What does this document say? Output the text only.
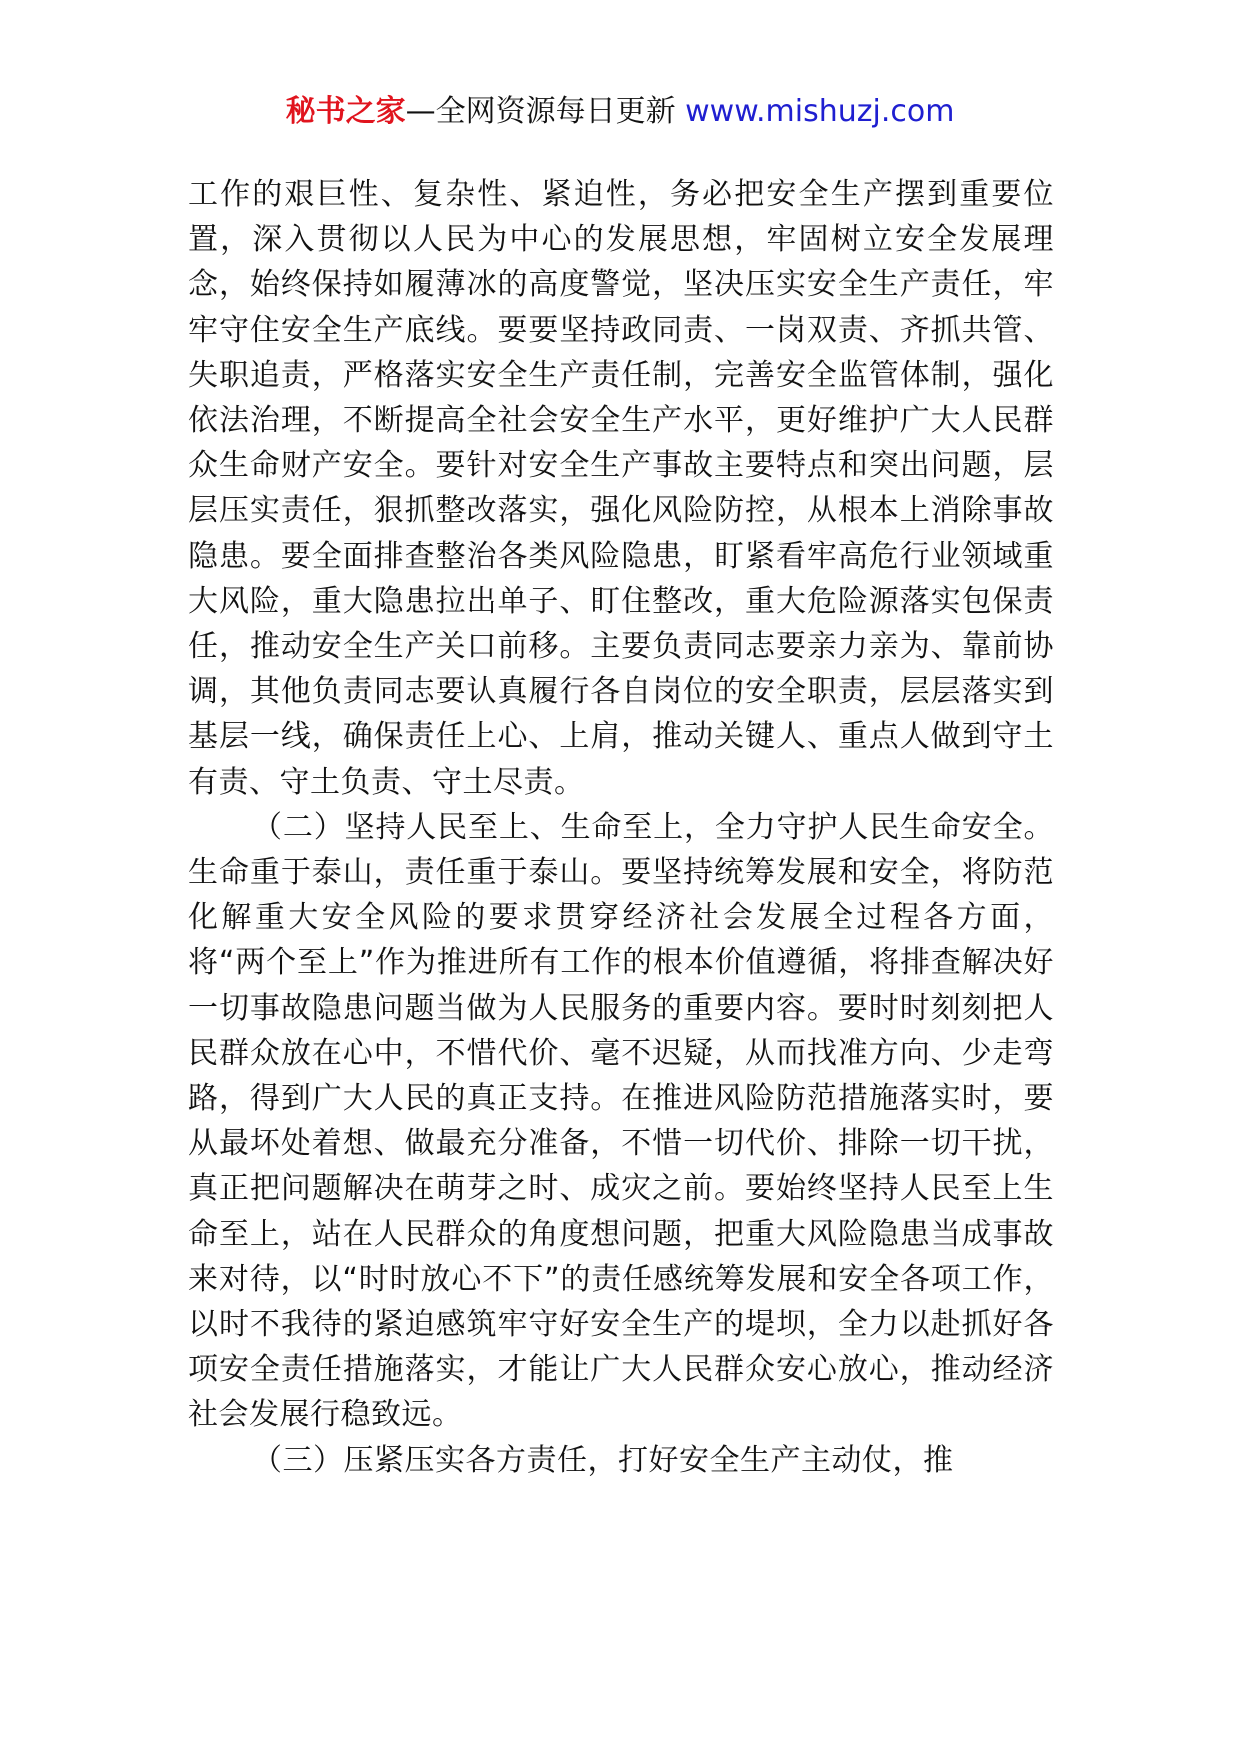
秘书之家—全网资源每日更新 www.mishuzj.com

工作的艰巨性、复杂性、紧迫性，务必把安全生产摆到重要位置，深入贯彻以人民为中心的发展思想，牢固树立安全发展理念，始终保持如履薄冰的高度警觉，坚决压实安全生产责任，牢牢守住安全生产底线。要要坚持政同责、一岗双责、齐抓共管、失职追责，严格落实安全生产责任制，完善安全监管体制，强化依法治理，不断提高全社会安全生产水平，更好维护广大人民群众生命财产安全。要针对安全生产事故主要特点和突出问题，层层压实责任，狠抓整改落实，强化风险防控，从根本上消除事故隐患。要全面排查整治各类风险隐患，盯紧看牢高危行业领域重大风险，重大隐患拉出单子、盯住整改，重大危险源落实包保责任，推动安全生产关口前移。主要负责同志要亲力亲为、靠前协调，其他负责同志要认真履行各自岗位的安全职责，层层落实到基层一线，确保责任上心、上肩，推动关键人、重点人做到守土有责、守土负责、守土尽责。

（二）坚持人民至上、生命至上，全力守护人民生命安全。生命重于泰山，责任重于泰山。要坚持统筹发展和安全，将防范化解重大安全风险的要求贯穿经济社会发展全过程各方面，将“两个至上”作为推进所有工作的根本价值遵循，将排查解决好一切事故隐患问题当做为人民服务的重要内容。要时时刻刻把人民群众放在心中，不惜代价、毫不迟疑，从而找准方向、少走弯路，得到广大人民的真正支持。在推进风险防范措施落实时，要从最坏处着想、做最充分准备，不惜一切代价、排除一切干扰，真正把问题解决在萌芽之时、成灾之前。要始终坚持人民至上生命至上，站在人民群众的角度想问题，把重大风险隐患当成事故来对待，以“时时放心不下”的责任感统筹发展和安全各项工作，以时不我待的紧迫感筑牢守好安全生产的堤坝，全力以赴抓好各项安全责任措施落实，才能让广大人民群众安心放心，推动经济社会发展行稳致远。

（三）压紧压实各方责任，打好安全生产主动仗，推
